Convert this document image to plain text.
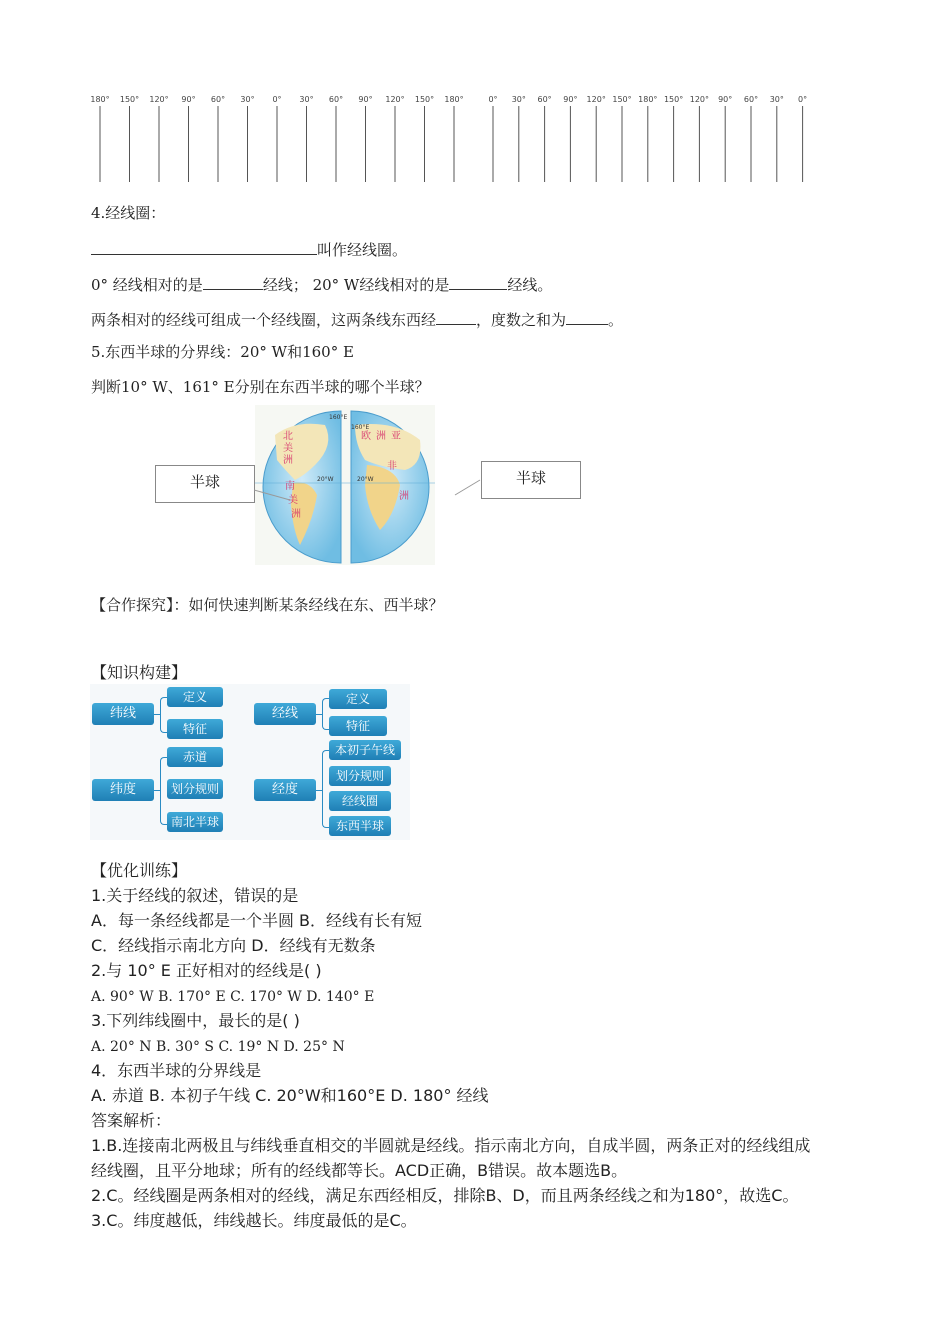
180° 150° 120° 90° 60° 30° 0° 30° 60° 90° 120° 150° 180°	0° 30° 60° 90° 120° 150° 180° 150° 120° 90° 60° 30° 0°
4.经线圈：
叫作经线圈。
0° 经线相对的是	经线； 20° W经线相对的是	经线。
两条相对的经线可组成一个经线圈，这两条线东西经	，度数之和为	。
5.东西半球的分界线：20° W和160° E
判断10° W、161° E分别在东西半球的哪个半球？
160°E
160°E
20°W	20°W
北
美
洲
南
美
洲
欧 洲 亚
非
洲
半球	半球
【合作探究】：如何快速判断某条经线在东、西半球？
【知识构建】
纬线
定义
特征
纬度
赤道
划分规则
南北半球
经线
定义
特征
经度
本初子午线
划分规则
经线圈
东西半球
【优化训练】
1.关于经线的叙述，错误的是
A．每一条经线都是一个半圆 B．经线有长有短
C．经线指示南北方向 D．经线有无数条
2.与 10° E 正好相对的经线是( )
A. 90° W B. 170° E C. 170° W D. 140° E
3.下列纬线圈中，最长的是( )
A. 20° N B. 30° S C. 19° N D. 25° N
4．东西半球的分界线是
A. 赤道 B. 本初子午线 C. 20°W和160°E D. 180° 经线
答案解析：
1.B.连接南北两极且与纬线垂直相交的半圆就是经线。指示南北方向，自成半圆，两条正对的经线组成
经线圈，且平分地球；所有的经线都等长。ACD正确，B错误。故本题选B。
2.C。经线圈是两条相对的经线，满足东西经相反，排除B、D，而且两条经线之和为180°，故选C。
3.C。纬度越低，纬线越长。纬度最低的是C。
